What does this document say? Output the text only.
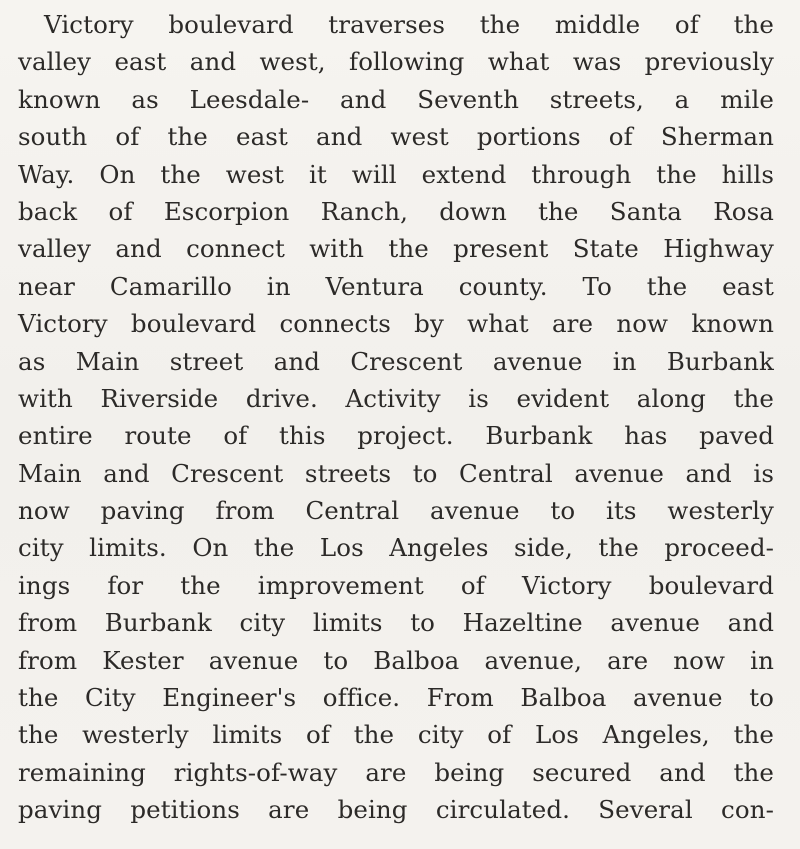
Victory boulevard traverses the middle of the
valley east and west, following what was previously
known as Leesdale- and Seventh streets, a mile
south of the east and west portions of Sherman
Way. On the west it will extend through the hills
back of Escorpion Ranch, down the Santa Rosa
valley and connect with the present State Highway
near Camarillo in Ventura county. To the east
Victory boulevard connects by what are now known
as Main street and Crescent avenue in Burbank
with Riverside drive. Activity is evident along the
entire route of this project. Burbank has paved
Main and Crescent streets to Central avenue and is
now paving from Central avenue to its westerly
city limits. On the Los Angeles side, the proceed-
ings for the improvement of Victory boulevard
from Burbank city limits to Hazeltine avenue and
from Kester avenue to Balboa avenue, are now in
the City Engineer's office. From Balboa avenue to
the westerly limits of the city of Los Angeles, the
remaining rights-of-way are being secured and the
paving petitions are being circulated. Several con-
